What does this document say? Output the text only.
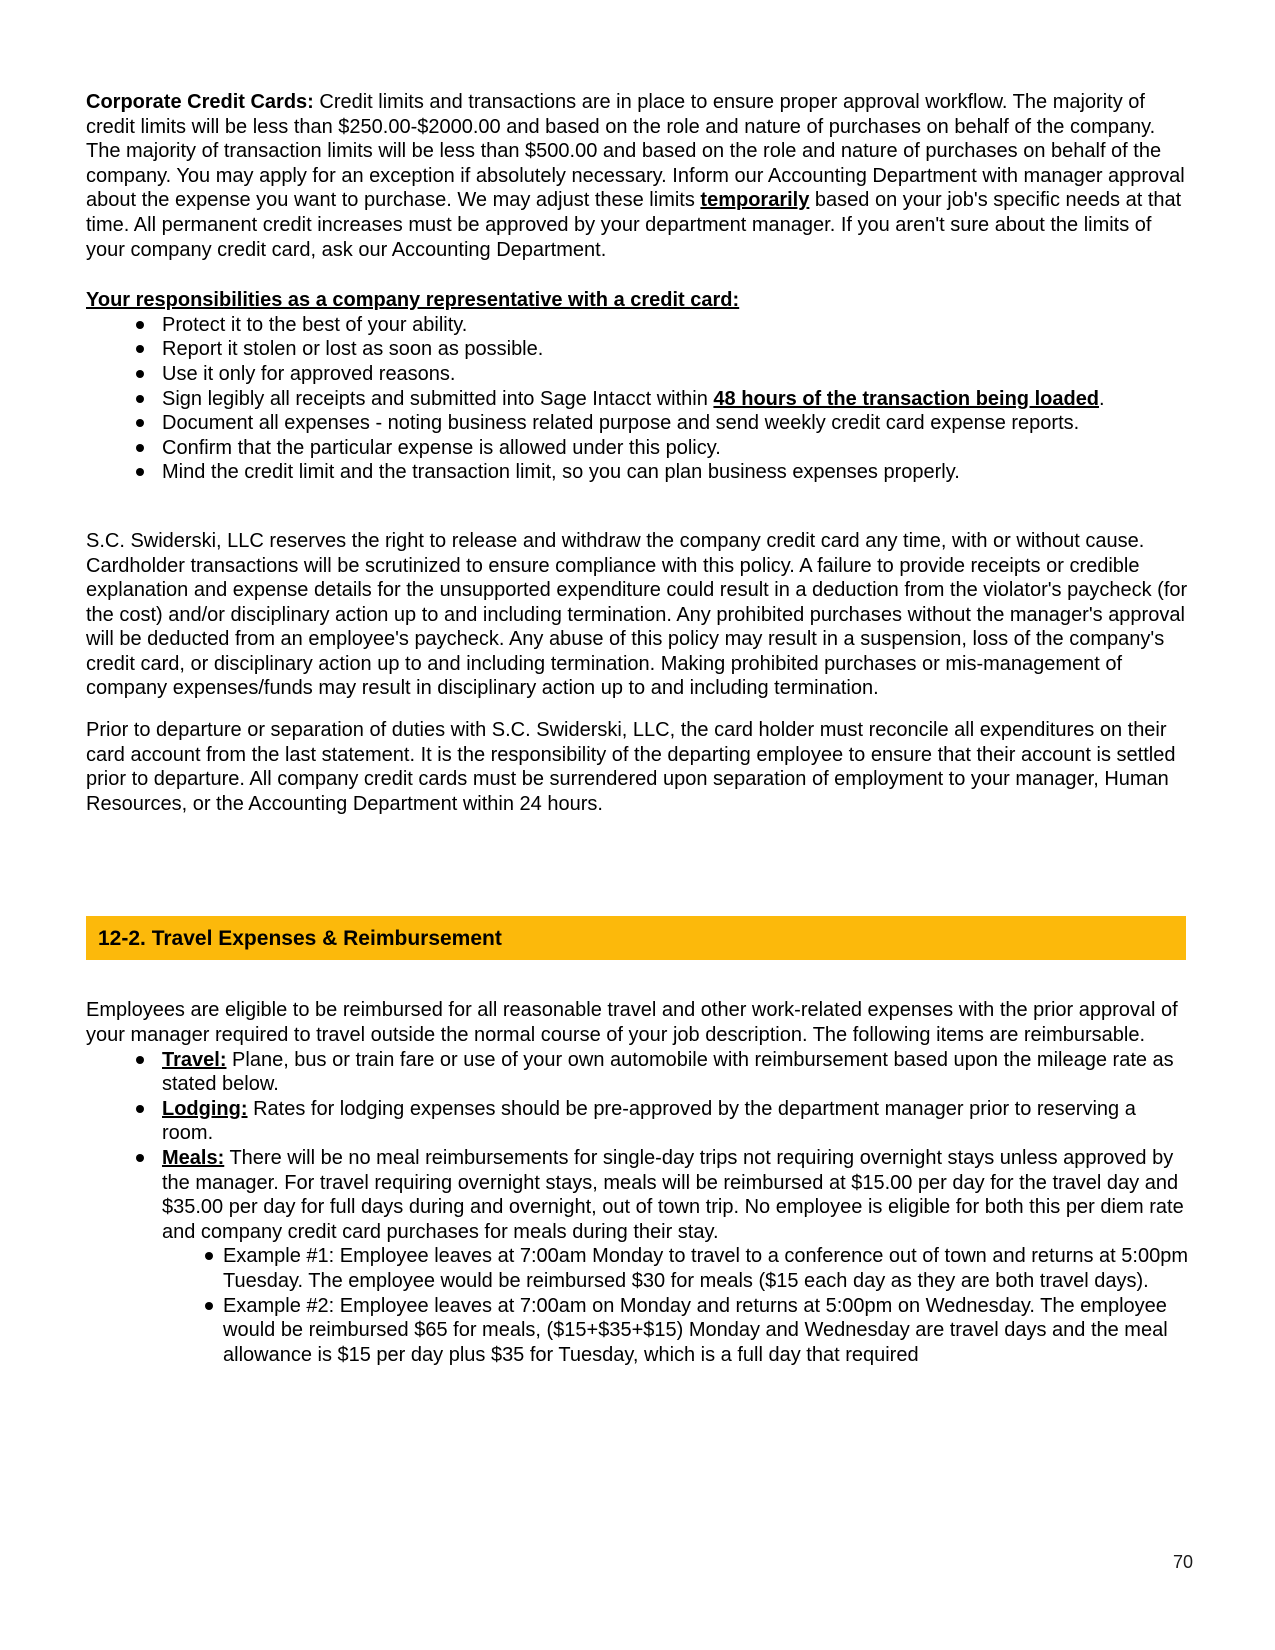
Corporate Credit Cards: Credit limits and transactions are in place to ensure proper approval workflow. The majority of credit limits will be less than $250.00-$2000.00 and based on the role and nature of purchases on behalf of the company. The majority of transaction limits will be less than $500.00 and based on the role and nature of purchases on behalf of the company. You may apply for an exception if absolutely necessary. Inform our Accounting Department with manager approval about the expense you want to purchase. We may adjust these limits temporarily based on your job's specific needs at that time. All permanent credit increases must be approved by your department manager. If you aren't sure about the limits of your company credit card, ask our Accounting Department.

Your responsibilities as a company representative with a credit card:
Protect it to the best of your ability.
Report it stolen or lost as soon as possible.
Use it only for approved reasons.
Sign legibly all receipts and submitted into Sage Intacct within 48 hours of the transaction being loaded.
Document all expenses - noting business related purpose and send weekly credit card expense reports.
Confirm that the particular expense is allowed under this policy.
Mind the credit limit and the transaction limit, so you can plan business expenses properly.

S.C. Swiderski, LLC reserves the right to release and withdraw the company credit card any time, with or without cause. Cardholder transactions will be scrutinized to ensure compliance with this policy. A failure to provide receipts or credible explanation and expense details for the unsupported expenditure could result in a deduction from the violator's paycheck (for the cost) and/or disciplinary action up to and including termination. Any prohibited purchases without the manager's approval will be deducted from an employee's paycheck. Any abuse of this policy may result in a suspension, loss of the company's credit card, or disciplinary action up to and including termination. Making prohibited purchases or mis-management of company expenses/funds may result in disciplinary action up to and including termination.

Prior to departure or separation of duties with S.C. Swiderski, LLC, the card holder must reconcile all expenditures on their card account from the last statement. It is the responsibility of the departing employee to ensure that their account is settled prior to departure. All company credit cards must be surrendered upon separation of employment to your manager, Human Resources, or the Accounting Department within 24 hours.

12-2. Travel Expenses & Reimbursement

Employees are eligible to be reimbursed for all reasonable travel and other work-related expenses with the prior approval of your manager required to travel outside the normal course of your job description. The following items are reimbursable.

Travel: Plane, bus or train fare or use of your own automobile with reimbursement based upon the mileage rate as stated below.
Lodging: Rates for lodging expenses should be pre-approved by the department manager prior to reserving a room.
Meals: There will be no meal reimbursements for single-day trips not requiring overnight stays unless approved by the manager. For travel requiring overnight stays, meals will be reimbursed at $15.00 per day for the travel day and $35.00 per day for full days during and overnight, out of town trip. No employee is eligible for both this per diem rate and company credit card purchases for meals during their stay.
Example #1: Employee leaves at 7:00am Monday to travel to a conference out of town and returns at 5:00pm Tuesday. The employee would be reimbursed $30 for meals ($15 each day as they are both travel days).
Example #2: Employee leaves at 7:00am on Monday and returns at 5:00pm on Wednesday. The employee would be reimbursed $65 for meals, ($15+$35+$15) Monday and Wednesday are travel days and the meal allowance is $15 per day plus $35 for Tuesday, which is a full day that required
70
